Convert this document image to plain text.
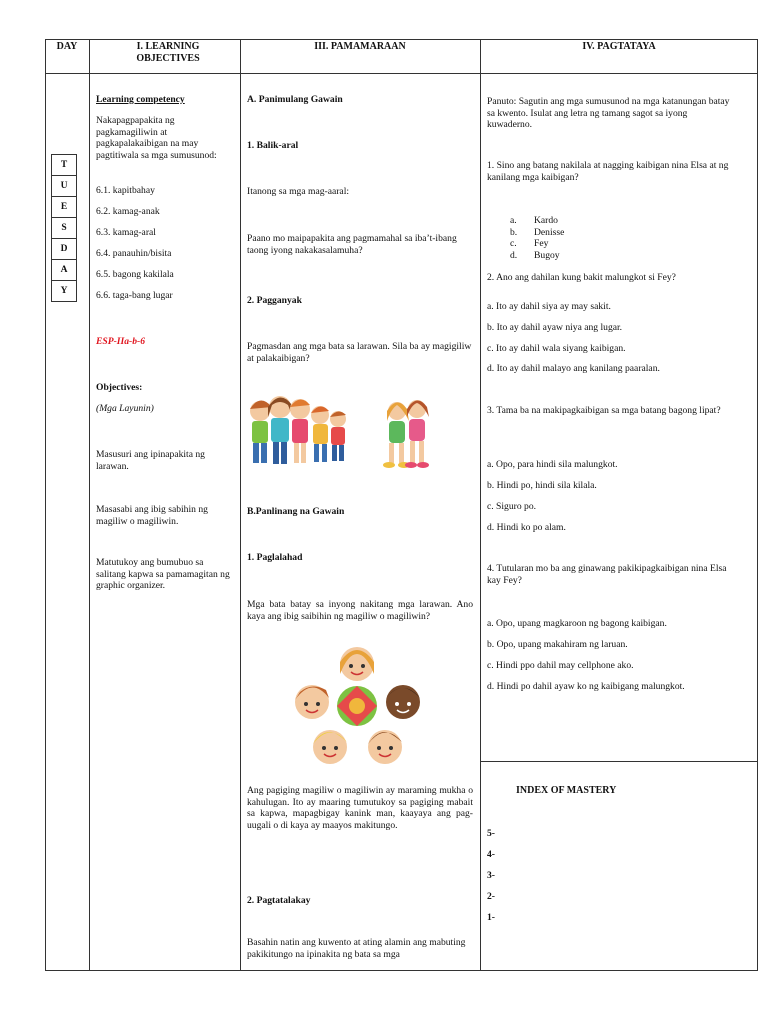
DAY	I. LEARNING OBJECTIVES
III. PAMAMARAAN	IV. PAGTATAYA
T
U
E
S
D
A
Y
Learning competency
Nakapagpapakita ng pagkamagiliwin at pagkapalakaibigan na may pagtitiwala sa mga sumusunod:
6.1. kapitbahay
6.2. kamag-anak
6.3. kamag-aral
6.4. panauhin/bisita
6.5. bagong kakilala
6.6. taga-bang lugar
ESP-IIa-b-6
Objectives:
(Mga Layunin)
Masusuri ang ipinapakita ng larawan.
Masasabi ang ibig sabihin ng magiliw o magiliwin.
Matutukoy ang bumubuo sa salitang kapwa sa pamamagitan ng graphic organizer.
A. Panimulang Gawain
1. Balik-aral
Itanong sa mga mag-aaral:
Paano mo maipapakita ang pagmamahal sa iba’t-ibang taong iyong nakakasalamuha?
2. Pagganyak
Pagmasdan ang mga bata sa larawan. Sila ba ay magigiliw at palakaibigan?
B.Panlinang na Gawain
1. Paglalahad
Mga bata batay sa inyong nakitang mga larawan. Ano kaya ang ibig saibihin ng magiliw o magiliwin?
Ang pagiging magiliw o magiliwin ay maraming mukha o kahulugan. Ito ay maaring tumutukoy sa pagiging mabait sa kapwa, mapagbigay kanink man, kaayaya ang pag-uugali o di kaya ay maayos makitungo.
2. Pagtatalakay
Basahin natin ang kuwento at ating alamin ang mabuting pakikitungo na ipinakita ng bata sa mga
Panuto: Sagutin ang mga sumusunod na mga katanungan batay sa kwento. Isulat ang letra ng tamang sagot sa iyong kuwaderno.
1. Sino ang batang nakilala at nagging kaibigan nina Elsa at ng kanilang mga kaibigan?
a. Kardo
b. Denisse
c. Fey
d. Bugoy
2. Ano ang dahilan kung bakit malungkot si Fey?
a. Ito ay dahil siya ay may sakit.
b. Ito ay dahil ayaw niya ang lugar.
c. Ito ay dahil wala siyang kaibigan.
d. Ito ay dahil malayo ang kanilang paaralan.
3. Tama ba na makipagkaibigan sa mga batang bagong lipat?
a. Opo, para hindi sila malungkot.
b. Hindi po, hindi sila kilala.
c. Siguro po.
d. Hindi ko po alam.
4. Tutularan mo ba ang ginawang pakikipagkaibigan nina Elsa kay Fey?
a. Opo, upang magkaroon ng bagong kaibigan.
b. Opo, upang makahiram ng laruan.
c. Hindi ppo dahil may cellphone ako.
d. Hindi po dahil ayaw ko ng kaibigang malungkot.
INDEX OF MASTERY
5-
4-
3-
2-
1-
